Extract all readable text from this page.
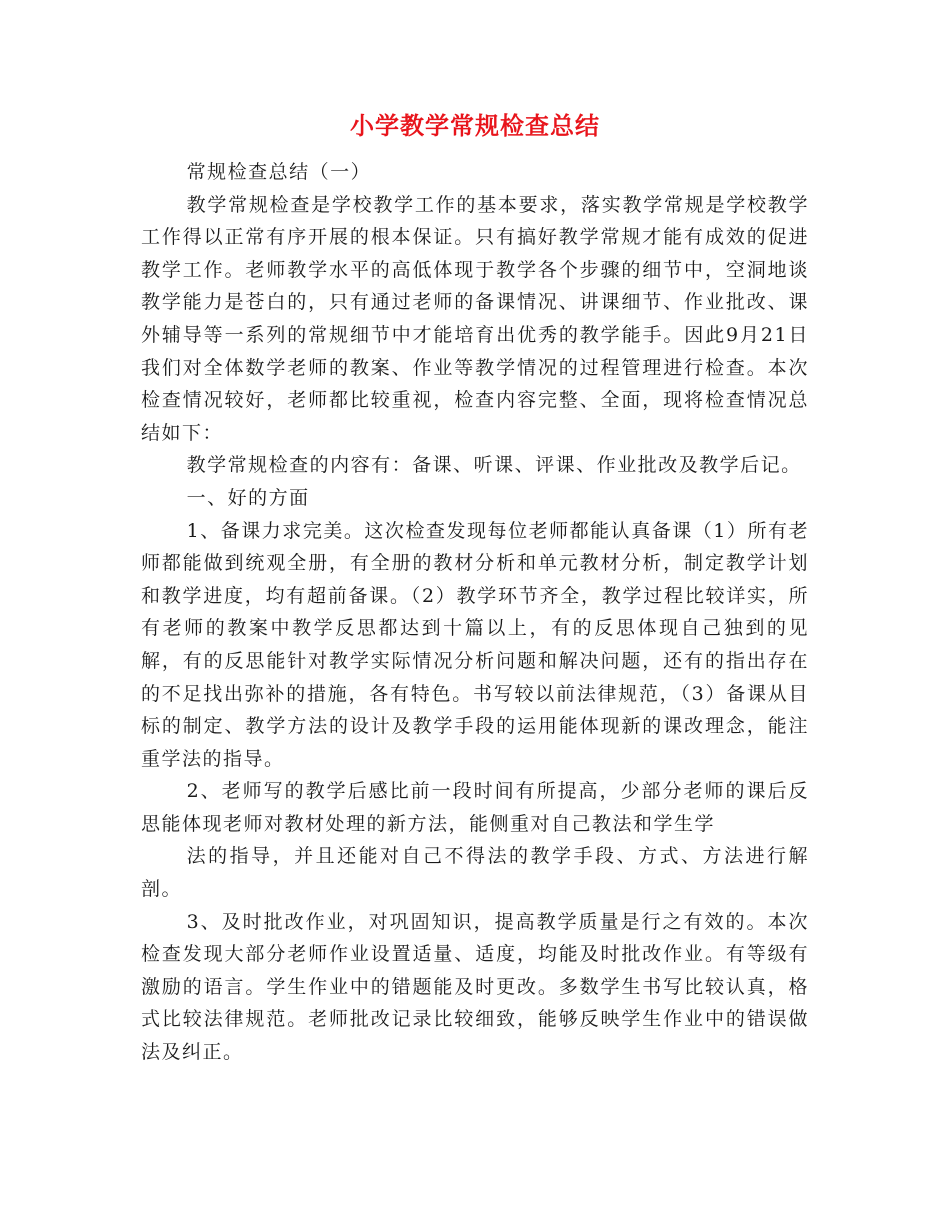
小学教学常规检查总结

常规检查总结（一）

教学常规检查是学校教学工作的基本要求，落实教学常规是学校教学工作得以正常有序开展的根本保证。只有搞好教学常规才能有成效的促进教学工作。老师教学水平的高低体现于教学各个步骤的细节中，空洞地谈教学能力是苍白的，只有通过老师的备课情况、讲课细节、作业批改、课外辅导等一系列的常规细节中才能培育出优秀的教学能手。因此9月21日我们对全体数学老师的教案、作业等教学情况的过程管理进行检查。本次检查情况较好，老师都比较重视，检查内容完整、全面，现将检查情况总结如下：

教学常规检查的内容有：备课、听课、评课、作业批改及教学后记。

一、好的方面

1、备课力求完美。这次检查发现每位老师都能认真备课（1）所有老师都能做到统观全册，有全册的教材分析和单元教材分析，制定教学计划和教学进度，均有超前备课。（2）教学环节齐全，教学过程比较详实，所有老师的教案中教学反思都达到十篇以上，有的反思体现自己独到的见解，有的反思能针对教学实际情况分析问题和解决问题，还有的指出存在的不足找出弥补的措施，各有特色。书写较以前法律规范，（3）备课从目标的制定、教学方法的设计及教学手段的运用能体现新的课改理念，能注重学法的指导。

2、老师写的教学后感比前一段时间有所提高，少部分老师的课后反思能体现老师对教材处理的新方法，能侧重对自己教法和学生学

法的指导，并且还能对自己不得法的教学手段、方式、方法进行解剖。

3、及时批改作业，对巩固知识，提高教学质量是行之有效的。本次检查发现大部分老师作业设置适量、适度，均能及时批改作业。有等级有激励的语言。学生作业中的错题能及时更改。多数学生书写比较认真，格式比较法律规范。老师批改记录比较细致，能够反映学生作业中的错误做法及纠正。
